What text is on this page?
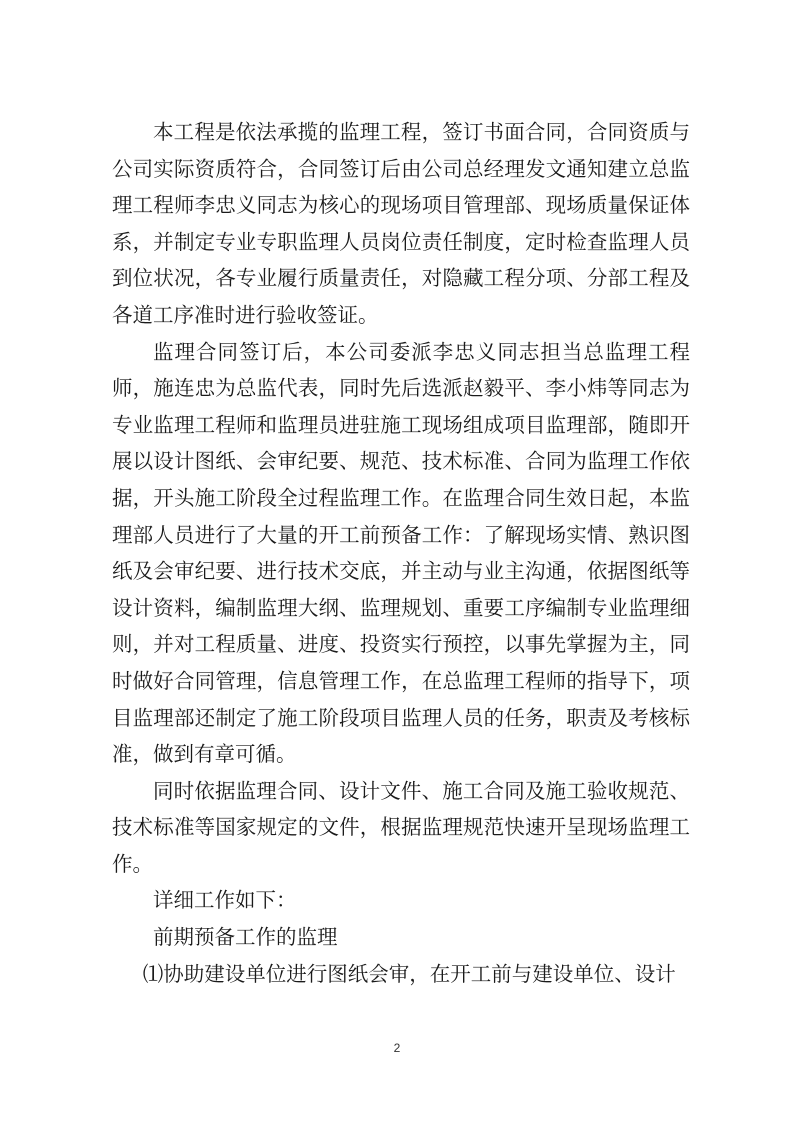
本工程是依法承揽的监理工程，签订书面合同，合同资质与公司实际资质符合，合同签订后由公司总经理发文通知建立总监理工程师李忠义同志为核心的现场项目管理部、现场质量保证体系，并制定专业专职监理人员岗位责任制度，定时检查监理人员到位状况，各专业履行质量责任，对隐藏工程分项、分部工程及各道工序准时进行验收签证。

监理合同签订后，本公司委派李忠义同志担当总监理工程师，施连忠为总监代表，同时先后选派赵毅平、李小炜等同志为专业监理工程师和监理员进驻施工现场组成项目监理部，随即开展以设计图纸、会审纪要、规范、技术标准、合同为监理工作依据，开头施工阶段全过程监理工作。在监理合同生效日起，本监理部人员进行了大量的开工前预备工作：了解现场实情、熟识图纸及会审纪要、进行技术交底，并主动与业主沟通，依据图纸等设计资料，编制监理大纲、监理规划、重要工序编制专业监理细则，并对工程质量、进度、投资实行预控，以事先掌握为主，同时做好合同管理，信息管理工作，在总监理工程师的指导下，项目监理部还制定了施工阶段项目监理人员的任务，职责及考核标准，做到有章可循。

同时依据监理合同、设计文件、施工合同及施工验收规范、技术标准等国家规定的文件，根据监理规范快速开呈现场监理工作。

详细工作如下：

前期预备工作的监理

⑴协助建设单位进行图纸会审，在开工前与建设单位、设计

2
